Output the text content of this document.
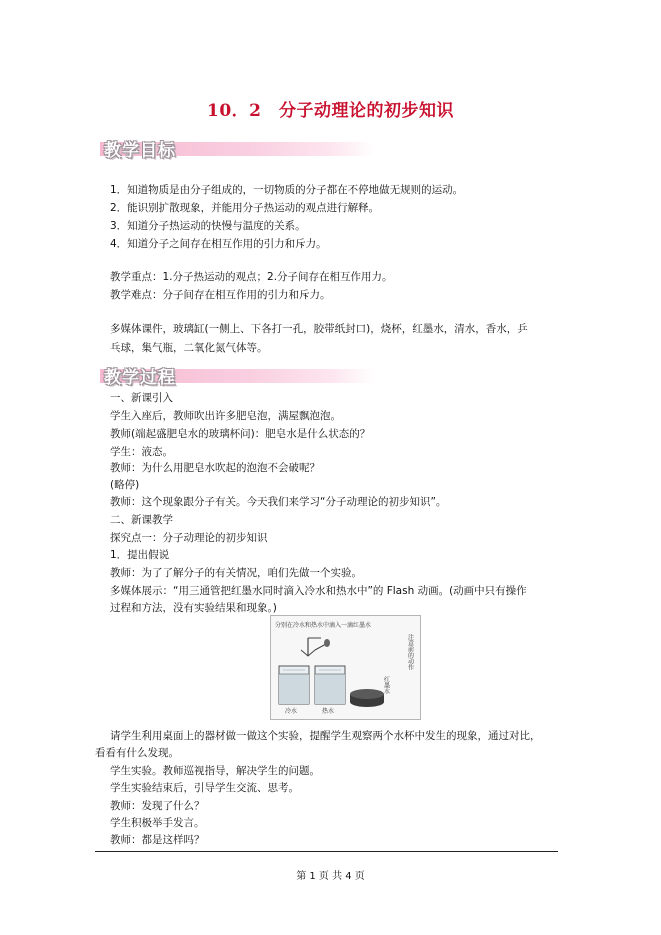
10．2　分子动理论的初步知识
教学目标
1．知道物质是由分子组成的，一切物质的分子都在不停地做无规则的运动。
2．能识别扩散现象，并能用分子热运动的观点进行解释。
3．知道分子热运动的快慢与温度的关系。
4．知道分子之间存在相互作用的引力和斥力。
教学重点：1.分子热运动的观点；2.分子间存在相互作用力。
教学难点：分子间存在相互作用的引力和斥力。
多媒体课件，玻璃缸(一侧上、下各打一孔，胶带纸封口)，烧杯，红墨水，清水，香水，乒
乓球，集气瓶，二氧化氮气体等。
教学过程
一、新课引入
学生入座后，教师吹出许多肥皂泡，满屋飘泡泡。
教师(端起盛肥皂水的玻璃杯问)：肥皂水是什么状态的？
学生：液态。
教师：为什么用肥皂水吹起的泡泡不会破呢？
(略停)
教师：这个现象跟分子有关。今天我们来学习“分子动理论的初步知识”。
二、新课教学
探究点一：分子动理论的初步知识
1．提出假说
教师：为了了解分子的有关情况，咱们先做一个实验。
多媒体展示：“用三通管把红墨水同时滴入冷水和热水中”的 Flash 动画。(动画中只有操作
过程和方法，没有实验结果和现象。)
分别在冷水和热水中滴入一滴红墨水
冷水	热水
红墨水
注意前的动作
请学生利用桌面上的器材做一做这个实验，提醒学生观察两个水杯中发生的现象，通过对比，
看看有什么发现。
学生实验。教师巡视指导，解决学生的问题。
学生实验结束后，引导学生交流、思考。
教师：发现了什么？
学生积极举手发言。
教师：都是这样吗？
第 1 页 共 4 页
